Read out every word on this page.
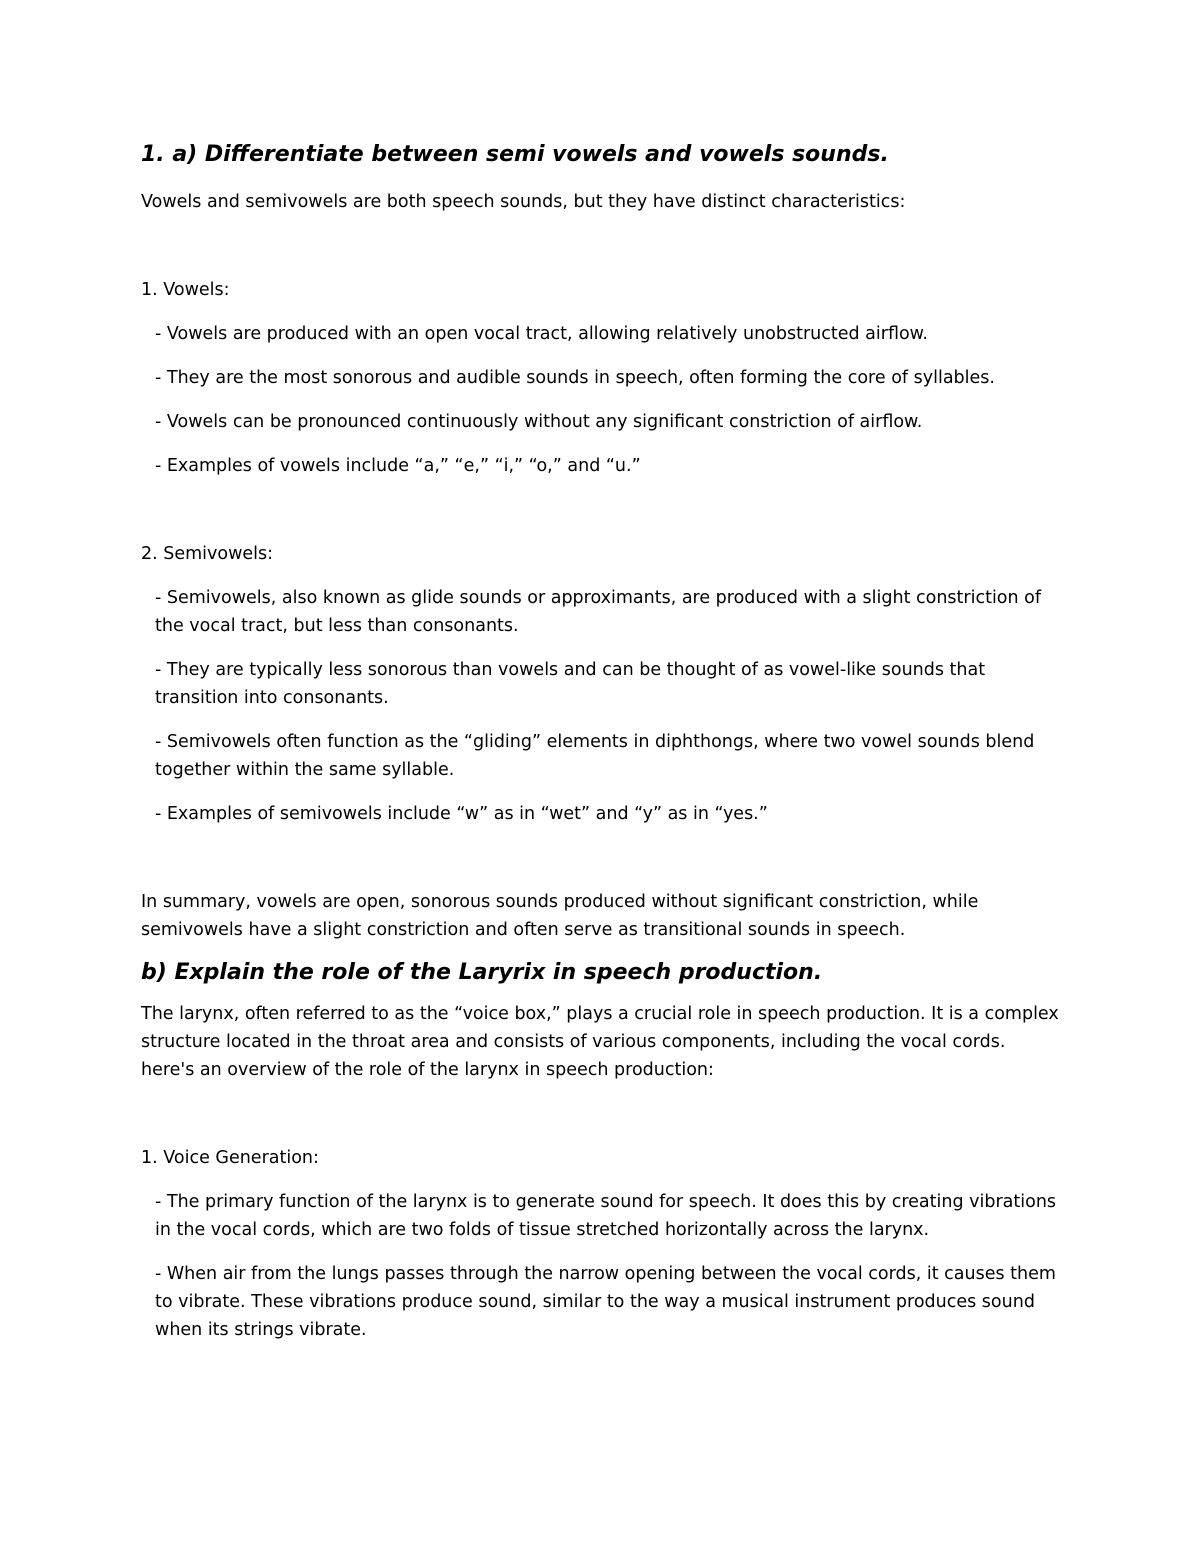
1. a) Differentiate between semi vowels and vowels sounds.

Vowels and semivowels are both speech sounds, but they have distinct characteristics:

1. Vowels:

- Vowels are produced with an open vocal tract, allowing relatively unobstructed airflow.

- They are the most sonorous and audible sounds in speech, often forming the core of syllables.

- Vowels can be pronounced continuously without any significant constriction of airflow.

- Examples of vowels include “a,” “e,” “i,” “o,” and “u.”

2. Semivowels:

- Semivowels, also known as glide sounds or approximants, are produced with a slight constriction of the vocal tract, but less than consonants.

- They are typically less sonorous than vowels and can be thought of as vowel-like sounds that transition into consonants.

- Semivowels often function as the “gliding” elements in diphthongs, where two vowel sounds blend together within the same syllable.

- Examples of semivowels include “w” as in “wet” and “y” as in “yes.”

In summary, vowels are open, sonorous sounds produced without significant constriction, while semivowels have a slight constriction and often serve as transitional sounds in speech.

b) Explain the role of the Laryrix in speech production.

The larynx, often referred to as the “voice box,” plays a crucial role in speech production. It is a complex structure located in the throat area and consists of various components, including the vocal cords. here's an overview of the role of the larynx in speech production:

1. Voice Generation:

- The primary function of the larynx is to generate sound for speech. It does this by creating vibrations in the vocal cords, which are two folds of tissue stretched horizontally across the larynx.

- When air from the lungs passes through the narrow opening between the vocal cords, it causes them to vibrate. These vibrations produce sound, similar to the way a musical instrument produces sound when its strings vibrate.
